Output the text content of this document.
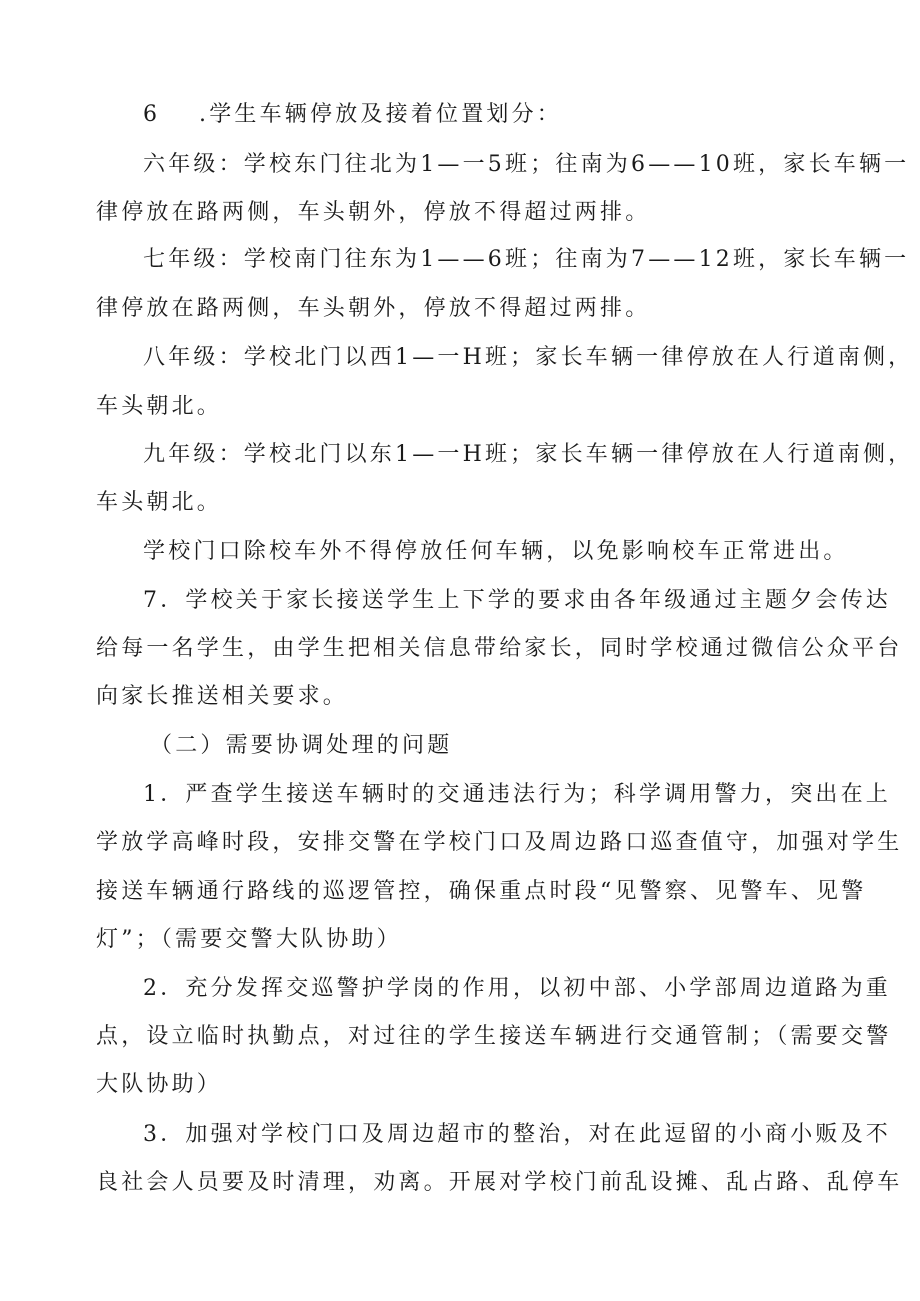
6 .学生车辆停放及接着位置划分：
六年级：学校东门往北为1—一5班；往南为6——10班，家长车辆一
律停放在路两侧，车头朝外，停放不得超过两排。
七年级：学校南门往东为1——6班；往南为7——12班，家长车辆一
律停放在路两侧，车头朝外，停放不得超过两排。
八年级：学校北门以西1—一H班；家长车辆一律停放在人行道南侧，
车头朝北。
九年级：学校北门以东1—一H班；家长车辆一律停放在人行道南侧，
车头朝北。
学校门口除校车外不得停放任何车辆，以免影响校车正常进出。
7．学校关于家长接送学生上下学的要求由各年级通过主题夕会传达
给每一名学生，由学生把相关信息带给家长，同时学校通过微信公众平台
向家长推送相关要求。
（二）需要协调处理的问题
1．严查学生接送车辆时的交通违法行为；科学调用警力，突出在上
学放学高峰时段，安排交警在学校门口及周边路口巡查值守，加强对学生
接送车辆通行路线的巡逻管控，确保重点时段“见警察、见警车、见警
灯”；（需要交警大队协助）
2．充分发挥交巡警护学岗的作用，以初中部、小学部周边道路为重
点，设立临时执勤点，对过往的学生接送车辆进行交通管制；（需要交警
大队协助）
3．加强对学校门口及周边超市的整治，对在此逗留的小商小贩及不
良社会人员要及时清理，劝离。开展对学校门前乱设摊、乱占路、乱停车
